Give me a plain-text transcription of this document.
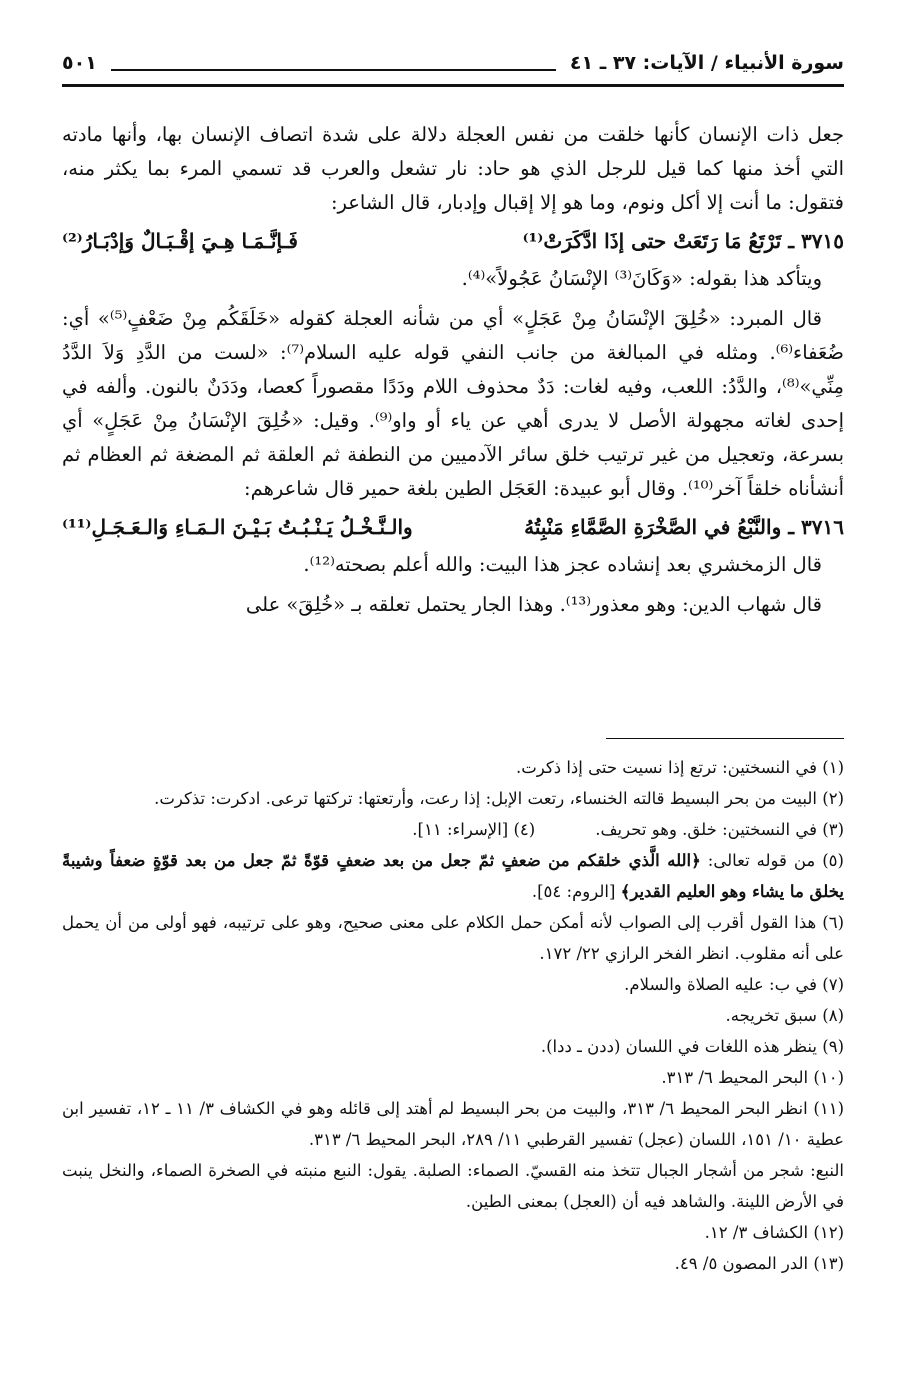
سورة الأنبياء / الآيات: ٣٧ ـ ٤١
٥٠١

جعل ذات الإنسان كأنها خلقت من نفس العجلة دلالة على شدة اتصاف الإنسان بها، وأنها مادته التي أخذ منها كما قيل للرجل الذي هو حاد: نار تشعل والعرب قد تسمي المرء بما يكثر منه، فتقول: ما أنت إلا أكل ونوم، وما هو إلا إقبال وإدبار، قال الشاعر:

٣٧١٥ ـ تَرْتَعُ مَا رَتَعَتْ حتى إذَا ادَّكَرَتْ⁽¹⁾
فَـإنَّـمَـا هِـيَ إقْـبَـالٌ وَإدْبَـارُ⁽²⁾

ويتأكد هذا بقوله: «وَكَانَ⁽³⁾ الإنْسَانُ عَجُولاً»⁽⁴⁾.

قال المبرد: «خُلِقَ الإنْسَانُ مِنْ عَجَلٍ» أي من شأنه العجلة كقوله «خَلَقَكُم مِنْ ضَعْفٍ⁽⁵⁾» أي: ضُعَفاء⁽⁶⁾. ومثله في المبالغة من جانب النفي قوله عليه السلام⁽⁷⁾: «لست من الدَّدِ وَلاَ الدَّدُ مِنِّي»⁽⁸⁾، والدَّدُ: اللعب، وفيه لغات: دَدٌ محذوف اللام ودَدًا مقصوراً كعصا، ودَدَنٌ بالنون. وألفه في إحدى لغاته مجهولة الأصل لا يدرى أهي عن ياء أو واو⁽⁹⁾. وقيل: «خُلِقَ الإنْسَانُ مِنْ عَجَلٍ» أي بسرعة، وتعجيل من غير ترتيب خلق سائر الآدميين من النطفة ثم العلقة ثم المضغة ثم العظام ثم أنشأناه خلقاً آخر⁽¹⁰⁾. وقال أبو عبيدة: العَجَل الطين بلغة حمير قال شاعرهم:

٣٧١٦ ـ والنَّبْعُ في الصَّخْرَةِ الصَّمَّاءِ مَنْبِتُهُ
والـنَّـخْـلُ يَـنْـبُـتُ بَـيْـنَ الـمَـاءِ وَالـعَـجَـلِ⁽¹¹⁾

قال الزمخشري بعد إنشاده عجز هذا البيت: والله أعلم بصحته⁽¹²⁾.

قال شهاب الدين: وهو معذور⁽¹³⁾. وهذا الجار يحتمل تعلقه بـ «خُلِقَ» على

(١) في النسختين: ترتع إذا نسيت حتى إذا ذكرت.

(٢) البيت من بحر البسيط قالته الخنساء، رتعت الإبل: إذا رعت، وأرتعتها: تركتها ترعى. ادكرت: تذكرت.

(٣) في النسختين: خلق. وهو تحريف.
(٤) [الإسراء: ١١].

(٥) من قوله تعالى: ﴿الله الَّذي خلقكم من ضعفٍ ثمّ جعل من بعد ضعفٍ قوّةً ثمّ جعل من بعد قوّةٍ ضعفاً وشيبةً يخلق ما يشاء وهو العليم القدير﴾ [الروم: ٥٤].

(٦) هذا القول أقرب إلى الصواب لأنه أمكن حمل الكلام على معنى صحيح، وهو على ترتيبه، فهو أولى من أن يحمل على أنه مقلوب. انظر الفخر الرازي ٢٢/ ١٧٢.

(٧) في ب: عليه الصلاة والسلام.

(٨) سبق تخريجه.

(٩) ينظر هذه اللغات في اللسان (ددن ـ ددا).

(١٠) البحر المحيط ٦/ ٣١٣.

(١١) انظر البحر المحيط ٦/ ٣١٣، والبيت من بحر البسيط لم أهتد إلى قائله وهو في الكشاف ٣/ ١١ ـ ١٢، تفسير ابن عطية ١٠/ ١٥١، اللسان (عجل) تفسير القرطبي ١١/ ٢٨٩، البحر المحيط ٦/ ٣١٣.

النبع: شجر من أشجار الجبال تتخذ منه القسيّ. الصماء: الصلبة. يقول: النبع منبته في الصخرة الصماء، والنخل ينبت في الأرض اللينة. والشاهد فيه أن (العجل) بمعنى الطين.

(١٢) الكشاف ٣/ ١٢.

(١٣) الدر المصون ٥/ ٤٩.
